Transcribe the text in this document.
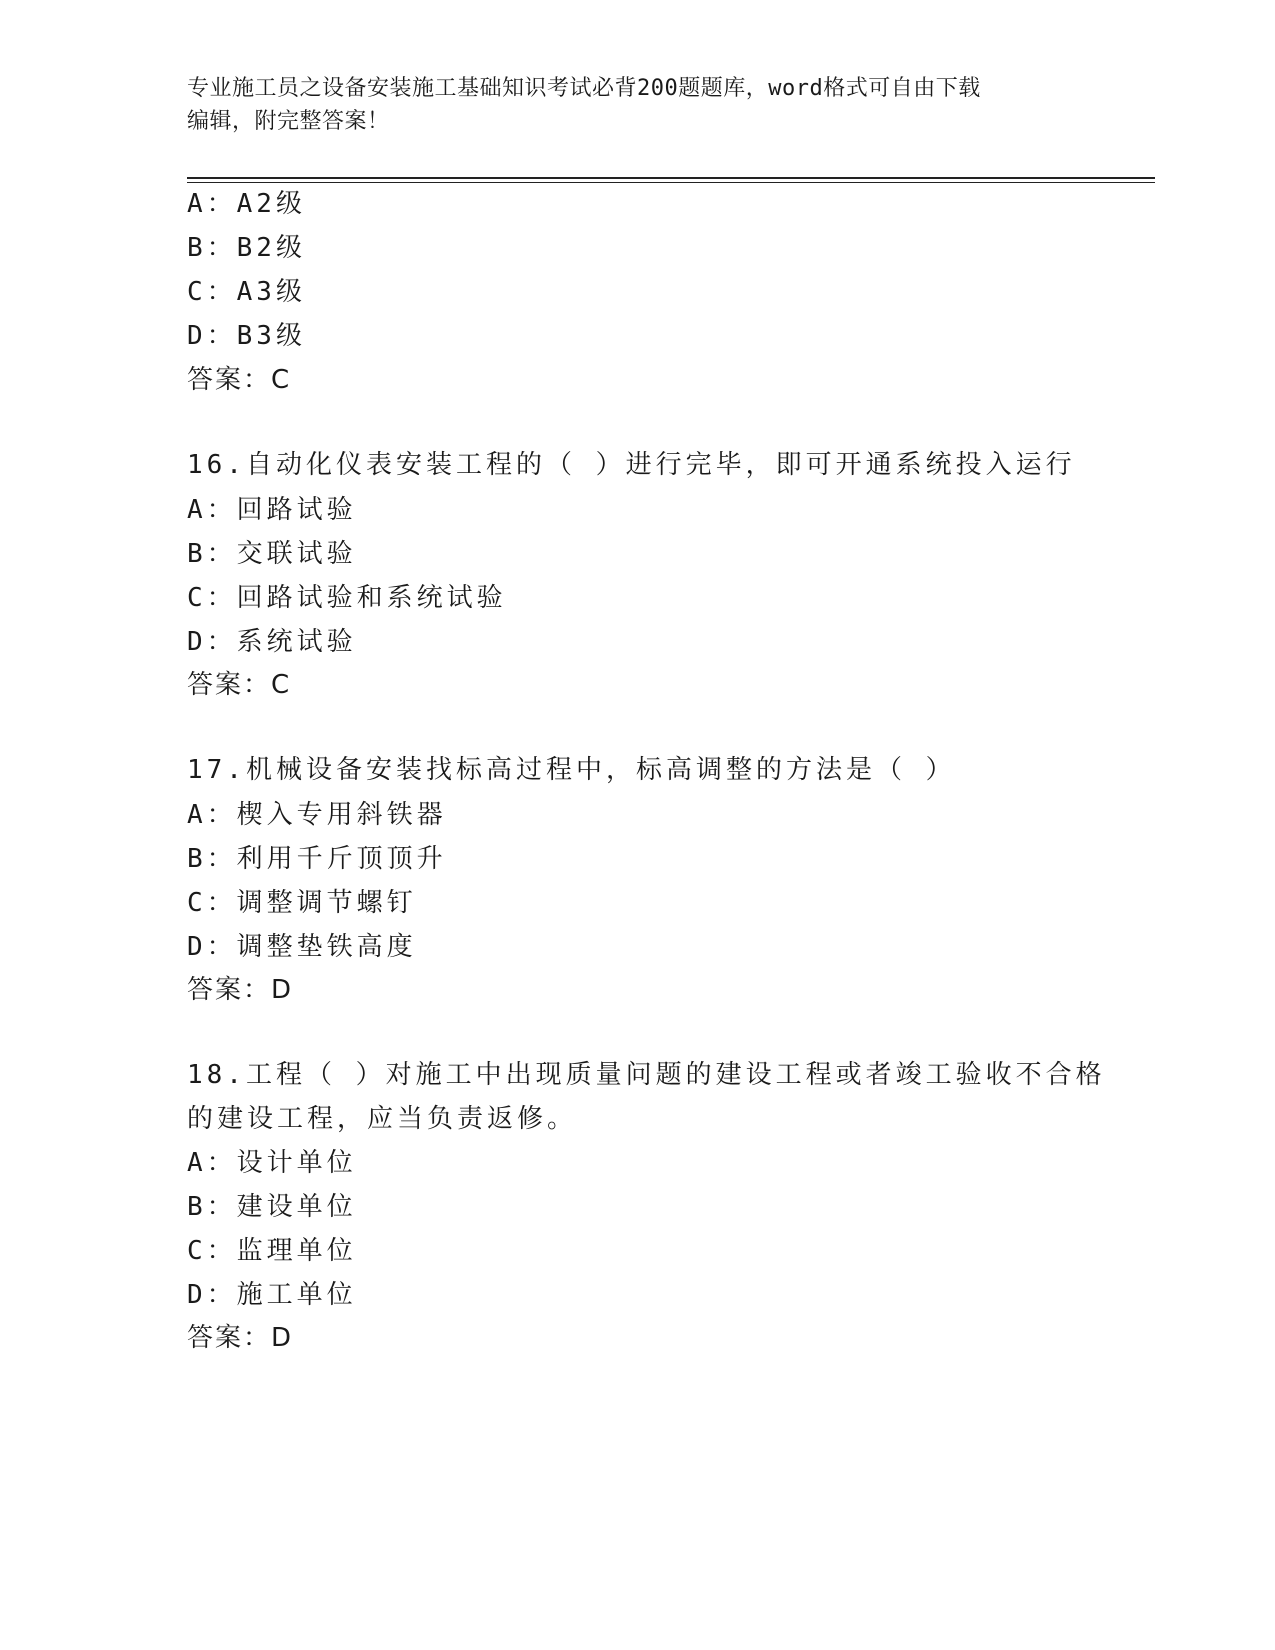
专业施工员之设备安装施工基础知识考试必背200题题库，word格式可自由下载
编辑，附完整答案！
A：A2级
B：B2级
C：A3级
D：B3级
答案：C
16.自动化仪表安装工程的（ ）进行完毕，即可开通系统投入运行
A：回路试验
B：交联试验
C：回路试验和系统试验
D：系统试验
答案：C
17.机械设备安装找标高过程中，标高调整的方法是（ ）
A：楔入专用斜铁器
B：利用千斤顶顶升
C：调整调节螺钉
D：调整垫铁高度
答案：D
18.工程（ ）对施工中出现质量问题的建设工程或者竣工验收不合格
的建设工程，应当负责返修。
A：设计单位
B：建设单位
C：监理单位
D：施工单位
答案：D
